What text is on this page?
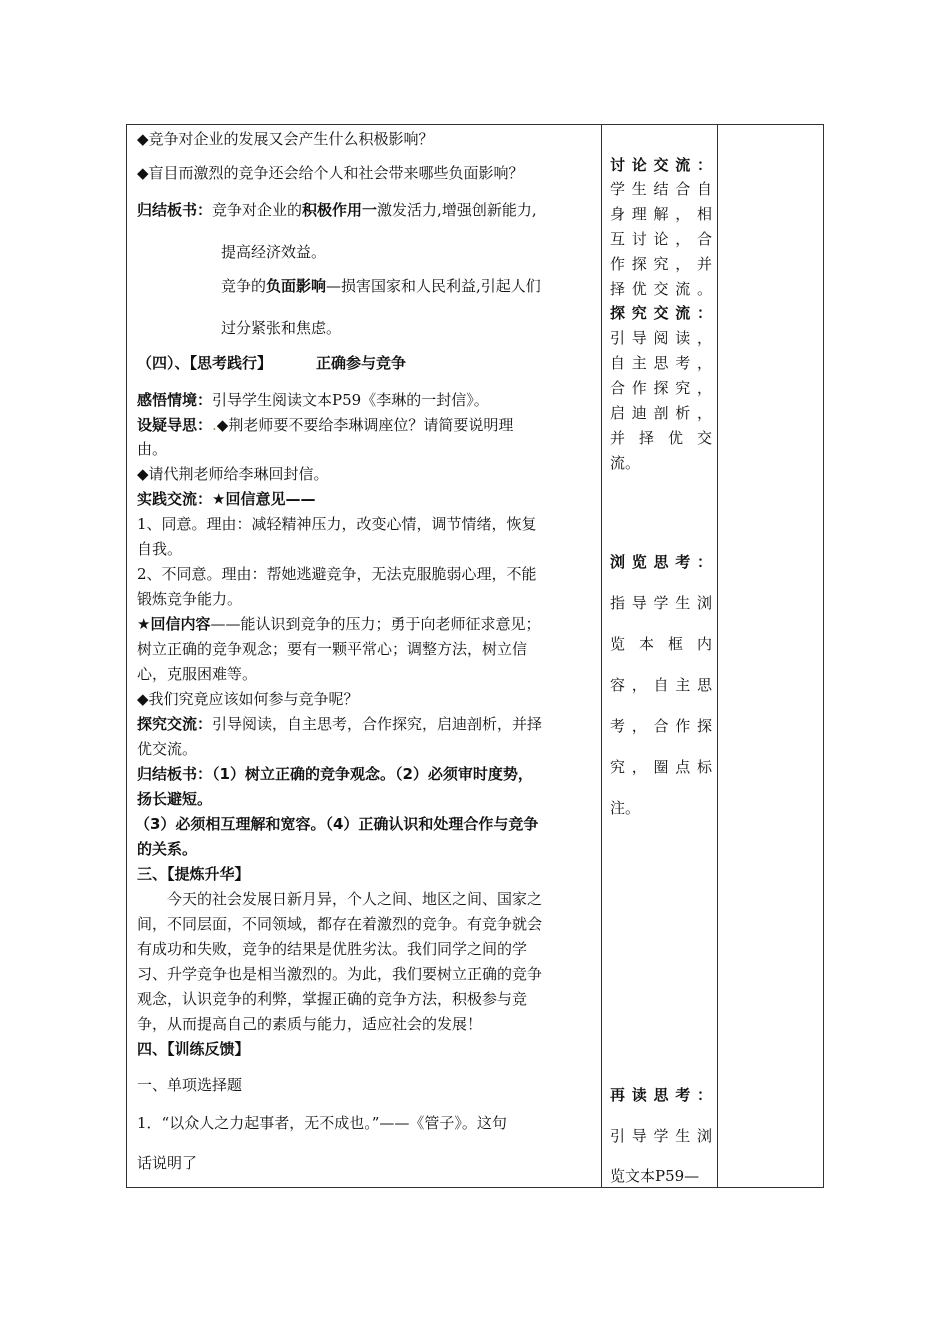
◆竞争对企业的发展又会产生什么积极影响？
◆盲目而激烈的竞争还会给个人和社会带来哪些负面影响？
归结板书：竞争对企业的积极作用一激发活力,增强创新能力,
提高经济效益。
竞争的负面影响—损害国家和人民利益,引起人们
过分紧张和焦虑。
（四）、【思考践行】	正确参与竞争
感悟情境：引导学生阅读文本P59《李琳的一封信》。
设疑导思：.◆荆老师要不要给李琳调座位？请简要说明理
由。
◆请代荆老师给李琳回封信。
实践交流：★回信意见——
1、同意。理由：减轻精神压力，改变心情，调节情绪，恢复
自我。
2、不同意。理由：帮她逃避竞争，无法克服脆弱心理，不能
锻炼竞争能力。
★回信内容——能认识到竞争的压力；勇于向老师征求意见；
树立正确的竞争观念；要有一颗平常心；调整方法，树立信
心，克服困难等。
◆我们究竟应该如何参与竞争呢？
探究交流：引导阅读，自主思考，合作探究，启迪剖析，并择
优交流。
归结板书：（1）树立正确的竞争观念。（2）必须审时度势，
扬长避短。
（3）必须相互理解和宽容。（4）正确认识和处理合作与竞争
的关系。
三、【提炼升华】
今天的社会发展日新月异，个人之间、地区之间、国家之
间，不同层面，不同领域，都存在着激烈的竞争。有竞争就会
有成功和失败，竞争的结果是优胜劣汰。我们同学之间的学
习、升学竞争也是相当激烈的。为此，我们要树立正确的竞争
观念，认识竞争的利弊，掌握正确的竞争方法，积极参与竞
争，从而提高自己的素质与能力，适应社会的发展！
四、【训练反馈】
一、单项选择题
1．“以众人之力起事者，无不成也。”——《管子》。这句
话说明了
讨论交流：
学生结合自
身理解，相
互讨论，合
作探究，并
择优交流。
探究交流：
引导阅读，
自主思考，
合作探究，
启迪剖析，
并择优交
流。
浏览思考：
指导学生浏
览本框内
容，自主思
考，合作探
究，圈点标
注。
再读思考：
引导学生浏
览文本P59—
